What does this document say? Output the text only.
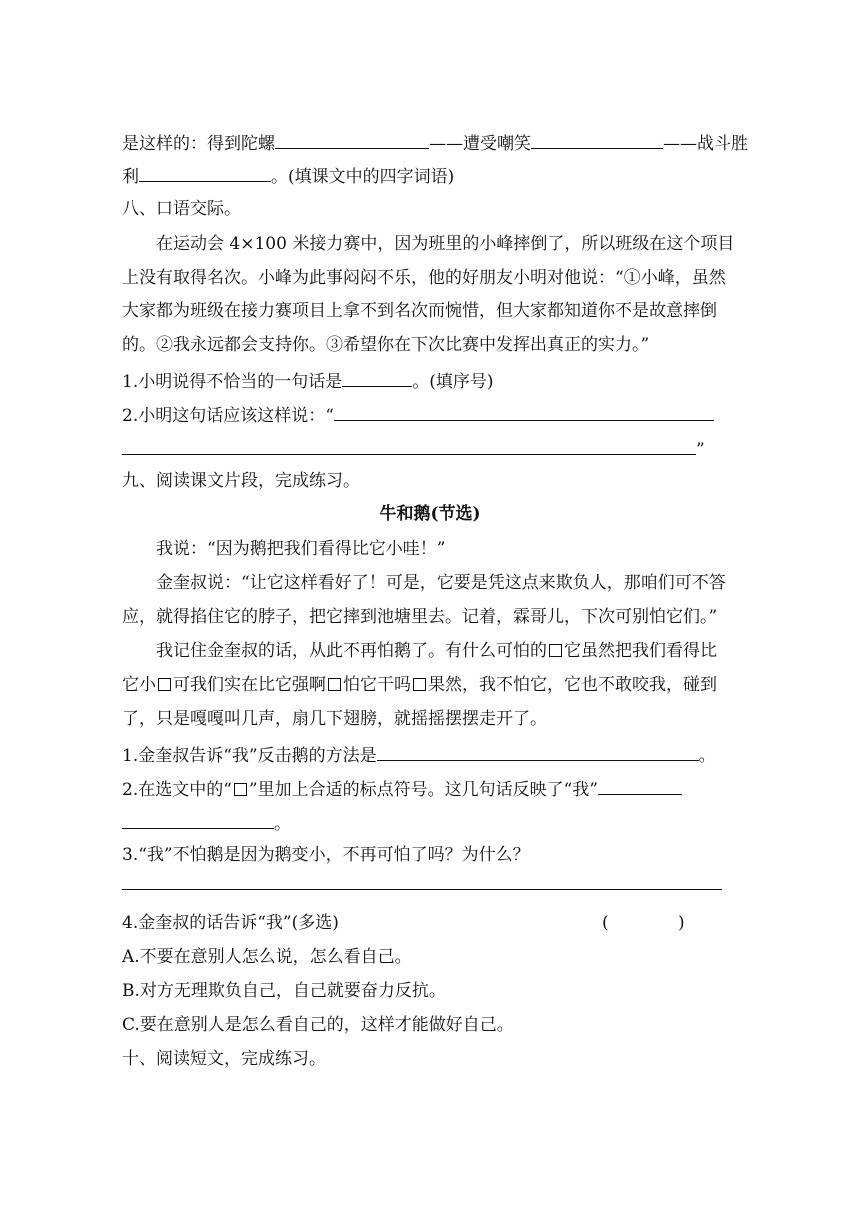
是这样的：得到陀螺	——遭受嘲笑	——战斗胜
利	。(填课文中的四字词语)
八、口语交际。
在运动会 4×100 米接力赛中，因为班里的小峰摔倒了，所以班级在这个项目
上没有取得名次。小峰为此事闷闷不乐，他的好朋友小明对他说：“①小峰，虽然
大家都为班级在接力赛项目上拿不到名次而惋惜，但大家都知道你不是故意摔倒
的。②我永远都会支持你。③希望你在下次比赛中发挥出真正的实力。”
1.小明说得不恰当的一句话是	。(填序号)
2.小明这句话应该这样说：“
”
九、阅读课文片段，完成练习。
牛和鹅(节选)
我说：“因为鹅把我们看得比它小哇！”
金奎叔说：“让它这样看好了！可是，它要是凭这点来欺负人，那咱们可不答
应，就得掐住它的脖子，把它摔到池塘里去。记着，霖哥儿，下次可别怕它们。”
我记住金奎叔的话，从此不再怕鹅了。有什么可怕的 它虽然把我们看得比
它小 可我们实在比它强啊 怕它干吗 果然，我不怕它，它也不敢咬我，碰到
了，只是嘎嘎叫几声，扇几下翅膀，就摇摇摆摆走开了。
1.金奎叔告诉“我”反击鹅的方法是	。
2.在选文中的“ ”里加上合适的标点符号。这几句话反映了“我”
。
3.“我”不怕鹅是因为鹅变小，不再可怕了吗？为什么？
4.金奎叔的话告诉“我”(多选)	(	)
A.不要在意别人怎么说，怎么看自己。
B.对方无理欺负自己，自己就要奋力反抗。
C.要在意别人是怎么看自己的，这样才能做好自己。
十、阅读短文，完成练习。
